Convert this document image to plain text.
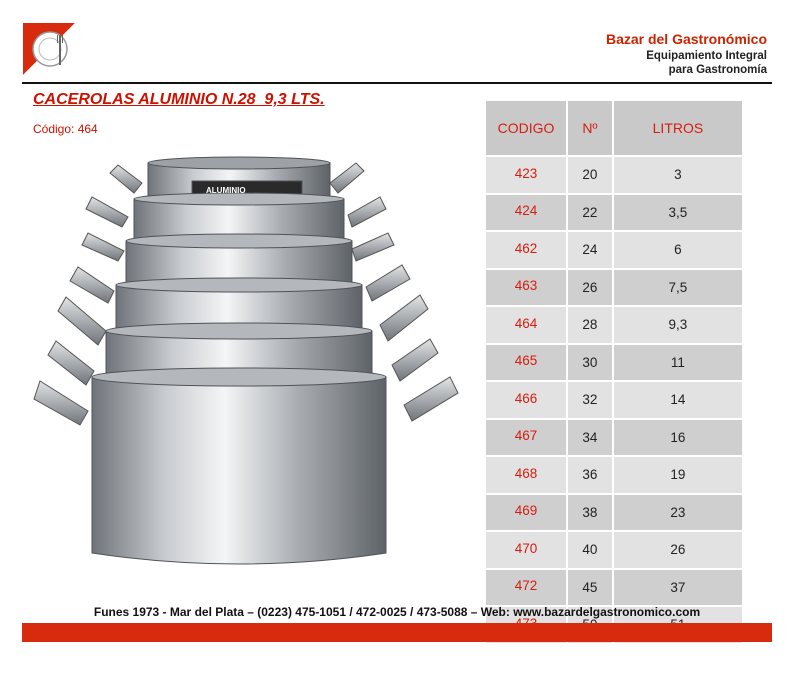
Bazar del Gastronómico
Equipamiento Integral
para Gastronomía
CACEROLAS ALUMINIO N.28  9,3 LTS.
Código: 464
ALUMINIO
CODIGO	Nº	LITROS
423	20	3
424	22	3,5
462	24	6
463	26	7,5
464	28	9,3
465	30	11
466	32	14
467	34	16
468	36	19
469	38	23
470	40	26
472	45	37

Funes 1973 - Mar del Plata – (0223) 475-1051 / 472-0025 / 473-5088 – Web: www.bazardelgastronomico.com
